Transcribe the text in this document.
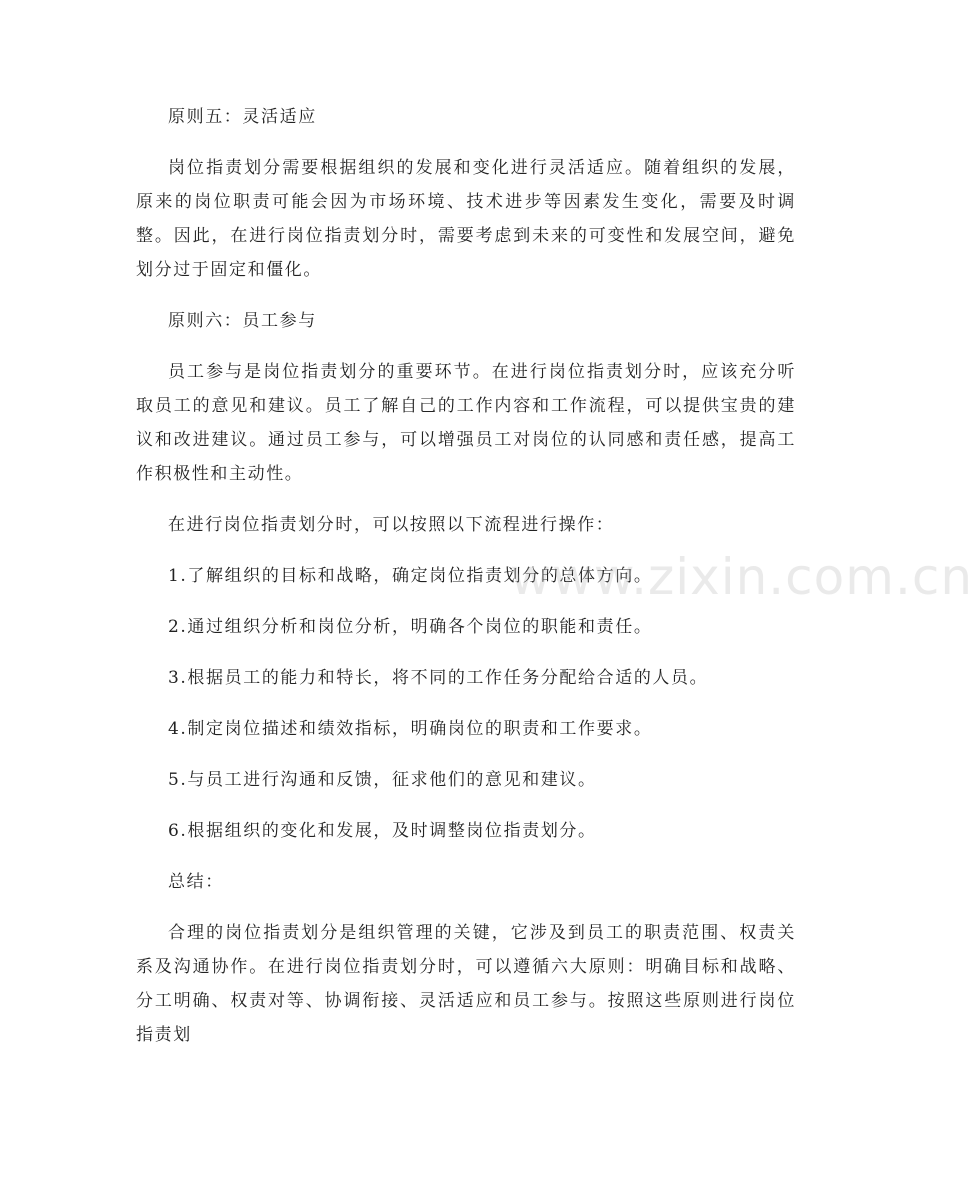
原则五：灵活适应

岗位指责划分需要根据组织的发展和变化进行灵活适应。随着组织的发展，原来的岗位职责可能会因为市场环境、技术进步等因素发生变化，需要及时调整。因此，在进行岗位指责划分时，需要考虑到未来的可变性和发展空间，避免划分过于固定和僵化。

原则六：员工参与

员工参与是岗位指责划分的重要环节。在进行岗位指责划分时，应该充分听取员工的意见和建议。员工了解自己的工作内容和工作流程，可以提供宝贵的建议和改进建议。通过员工参与，可以增强员工对岗位的认同感和责任感，提高工作积极性和主动性。

在进行岗位指责划分时，可以按照以下流程进行操作：

1.了解组织的目标和战略，确定岗位指责划分的总体方向。

2.通过组织分析和岗位分析，明确各个岗位的职能和责任。

3.根据员工的能力和特长，将不同的工作任务分配给合适的人员。

4.制定岗位描述和绩效指标，明确岗位的职责和工作要求。

5.与员工进行沟通和反馈，征求他们的意见和建议。

6.根据组织的变化和发展，及时调整岗位指责划分。

总结：

合理的岗位指责划分是组织管理的关键，它涉及到员工的职责范围、权责关系及沟通协作。在进行岗位指责划分时，可以遵循六大原则：明确目标和战略、分工明确、权责对等、协调衔接、灵活适应和员工参与。按照这些原则进行岗位指责划

www.zixin.com.cn
